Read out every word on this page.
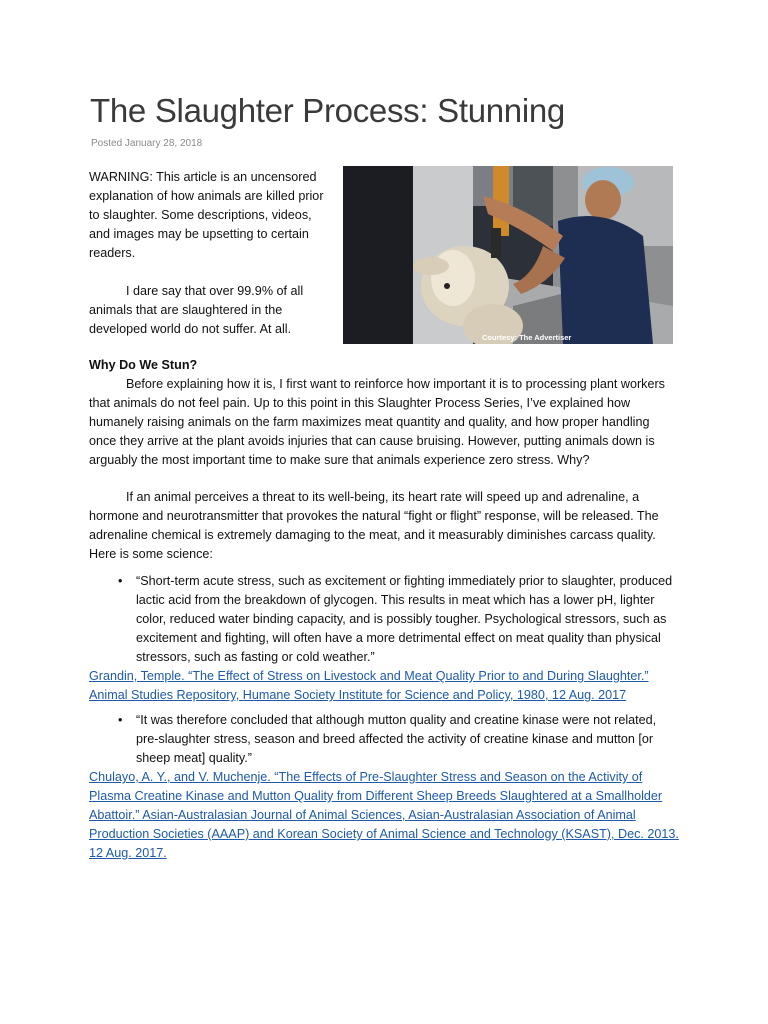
The Slaughter Process: Stunning
Posted January 28, 2018

WARNING: This article is an uncensored explanation of how animals are killed prior to slaughter. Some descriptions, videos, and images may be upsetting to certain readers.

I dare say that over 99.9% of all animals that are slaughtered in the developed world do not suffer. At all.

Courtesy: The Advertiser

Why Do We Stun?

Before explaining how it is, I first want to reinforce how important it is to processing plant workers that animals do not feel pain. Up to this point in this Slaughter Process Series, I’ve explained how humanely raising animals on the farm maximizes meat quantity and quality, and how proper handling once they arrive at the plant avoids injuries that can cause bruising. However, putting animals down is arguably the most important time to make sure that animals experience zero stress. Why?

If an animal perceives a threat to its well-being, its heart rate will speed up and adrenaline, a hormone and neurotransmitter that provokes the natural “fight or flight” response, will be released. The adrenaline chemical is extremely damaging to the meat, and it measurably diminishes carcass quality. Here is some science:

• “Short-term acute stress, such as excitement or fighting immediately prior to slaughter, produced lactic acid from the breakdown of glycogen. This results in meat which has a lower pH, lighter color, reduced water binding capacity, and is possibly tougher. Psychological stressors, such as excitement and fighting, will often have a more detrimental effect on meat quality than physical stressors, such as fasting or cold weather.”

Grandin, Temple. “The Effect of Stress on Livestock and Meat Quality Prior to and During Slaughter.” Animal Studies Repository, Humane Society Institute for Science and Policy, 1980, 12 Aug. 2017

• “It was therefore concluded that although mutton quality and creatine kinase were not related, pre-slaughter stress, season and breed affected the activity of creatine kinase and mutton [or sheep meat] quality.”

Chulayo, A. Y., and V. Muchenje. “The Effects of Pre-Slaughter Stress and Season on the Activity of Plasma Creatine Kinase and Mutton Quality from Different Sheep Breeds Slaughtered at a Smallholder Abattoir.” Asian-Australasian Journal of Animal Sciences, Asian-Australasian Association of Animal Production Societies (AAAP) and Korean Society of Animal Science and Technology (KSAST), Dec. 2013. 12 Aug. 2017.
